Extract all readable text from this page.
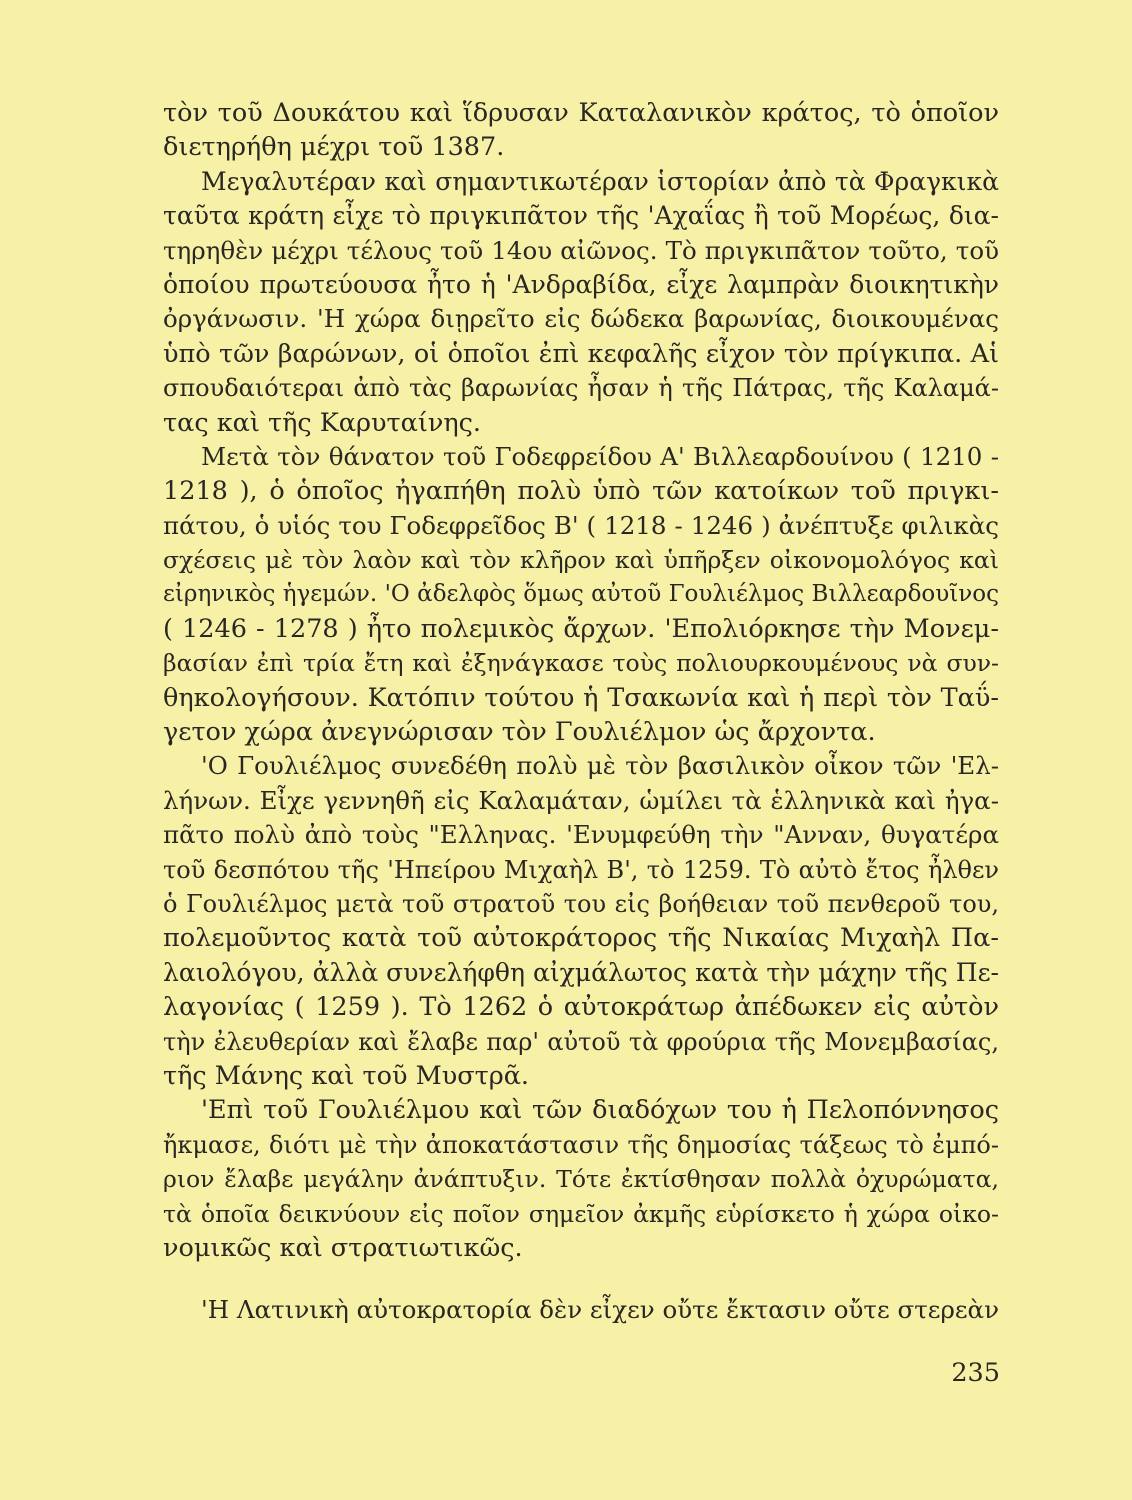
τὸν τοῦ Δουκάτου καὶ ἵδρυσαν Καταλανικὸν κράτος, τὸ ὁποῖον
διετηρήθη μέχρι τοῦ 1387.
Μεγαλυτέραν καὶ σημαντικωτέραν ἱστορίαν ἀπὸ τὰ Φραγκικὰ
ταῦτα κράτη εἶχε τὸ πριγκιπᾶτον τῆς 'Αχαΐας ἢ τοῦ Μορέως, δια-
τηρηθὲν μέχρι τέλους τοῦ 14ου αἰῶνος. Τὸ πριγκιπᾶτον τοῦτο, τοῦ
ὁποίου πρωτεύουσα ἦτο ἡ 'Ανδραβίδα, εἶχε λαμπρὰν διοικητικὴν
ὀργάνωσιν. 'Η χώρα διῃρεῖτο εἰς δώδεκα βαρωνίας, διοικουμένας
ὑπὸ τῶν βαρώνων, οἱ ὁποῖοι ἐπὶ κεφαλῆς εἶχον τὸν πρίγκιπα. Αἱ
σπουδαιότεραι ἀπὸ τὰς βαρωνίας ἦσαν ἡ τῆς Πάτρας, τῆς Καλαμά-
τας καὶ τῆς Καρυταίνης.
Μετὰ τὸν θάνατον τοῦ Γοδεφρείδου Α' Βιλλεαρδουίνου ( 1210 -
1218 ), ὁ ὁποῖος ἠγαπήθη πολὺ ὑπὸ τῶν κατοίκων τοῦ πριγκι-
πάτου, ὁ υἱός του Γοδεφρεῖδος Β' ( 1218 - 1246 ) ἀνέπτυξε φιλικὰς
σχέσεις μὲ τὸν λαὸν καὶ τὸν κλῆρον καὶ ὑπῆρξεν οἰκονομολόγος καὶ
εἰρηνικὸς ἡγεμών. 'Ο ἀδελφὸς ὅμως αὐτοῦ Γουλιέλμος Βιλλεαρδουῖνος
( 1246 - 1278 ) ἦτο πολεμικὸς ἄρχων. 'Επολιόρκησε τὴν Μονεμ-
βασίαν ἐπὶ τρία ἔτη καὶ ἐξηνάγκασε τοὺς πολιουρκουμένους νὰ συν-
θηκολογήσουν. Κατόπιν τούτου ἡ Τσακωνία καὶ ἡ περὶ τὸν Ταΰ-
γετον χώρα ἀνεγνώρισαν τὸν Γουλιέλμον ὡς ἄρχοντα.
'Ο Γουλιέλμος συνεδέθη πολὺ μὲ τὸν βασιλικὸν οἶκον τῶν 'Ελ-
λήνων. Εἶχε γεννηθῆ εἰς Καλαμάταν, ὡμίλει τὰ ἑλληνικὰ καὶ ἠγα-
πᾶτο πολὺ ἀπὸ τοὺς "Ελληνας. 'Ενυμφεύθη τὴν "Ανναν, θυγατέρα
τοῦ δεσπότου τῆς 'Ηπείρου Μιχαὴλ Β', τὸ 1259. Τὸ αὐτὸ ἔτος ἦλθεν
ὁ Γουλιέλμος μετὰ τοῦ στρατοῦ του εἰς βοήθειαν τοῦ πενθεροῦ του,
πολεμοῦντος κατὰ τοῦ αὐτοκράτορος τῆς Νικαίας Μιχαὴλ Πα-
λαιολόγου, ἀλλὰ συνελήφθη αἰχμάλωτος κατὰ τὴν μάχην τῆς Πε-
λαγονίας ( 1259 ). Τὸ 1262 ὁ αὐτοκράτωρ ἀπέδωκεν εἰς αὐτὸν
τὴν ἐλευθερίαν καὶ ἔλαβε παρ' αὐτοῦ τὰ φρούρια τῆς Μονεμβασίας,
τῆς Μάνης καὶ τοῦ Μυστρᾶ.
'Επὶ τοῦ Γουλιέλμου καὶ τῶν διαδόχων του ἡ Πελοπόννησος
ἤκμασε, διότι μὲ τὴν ἀποκατάστασιν τῆς δημοσίας τάξεως τὸ ἐμπό-
ριον ἔλαβε μεγάλην ἀνάπτυξιν. Τότε ἐκτίσθησαν πολλὰ ὀχυρώματα,
τὰ ὁποῖα δεικνύουν εἰς ποῖον σημεῖον ἀκμῆς εὑρίσκετο ἡ χώρα οἰκο-
νομικῶς καὶ στρατιωτικῶς.
'Η Λατινικὴ αὐτοκρατορία δὲν εἶχεν οὔτε ἔκτασιν οὔτε στερεὰν
235
